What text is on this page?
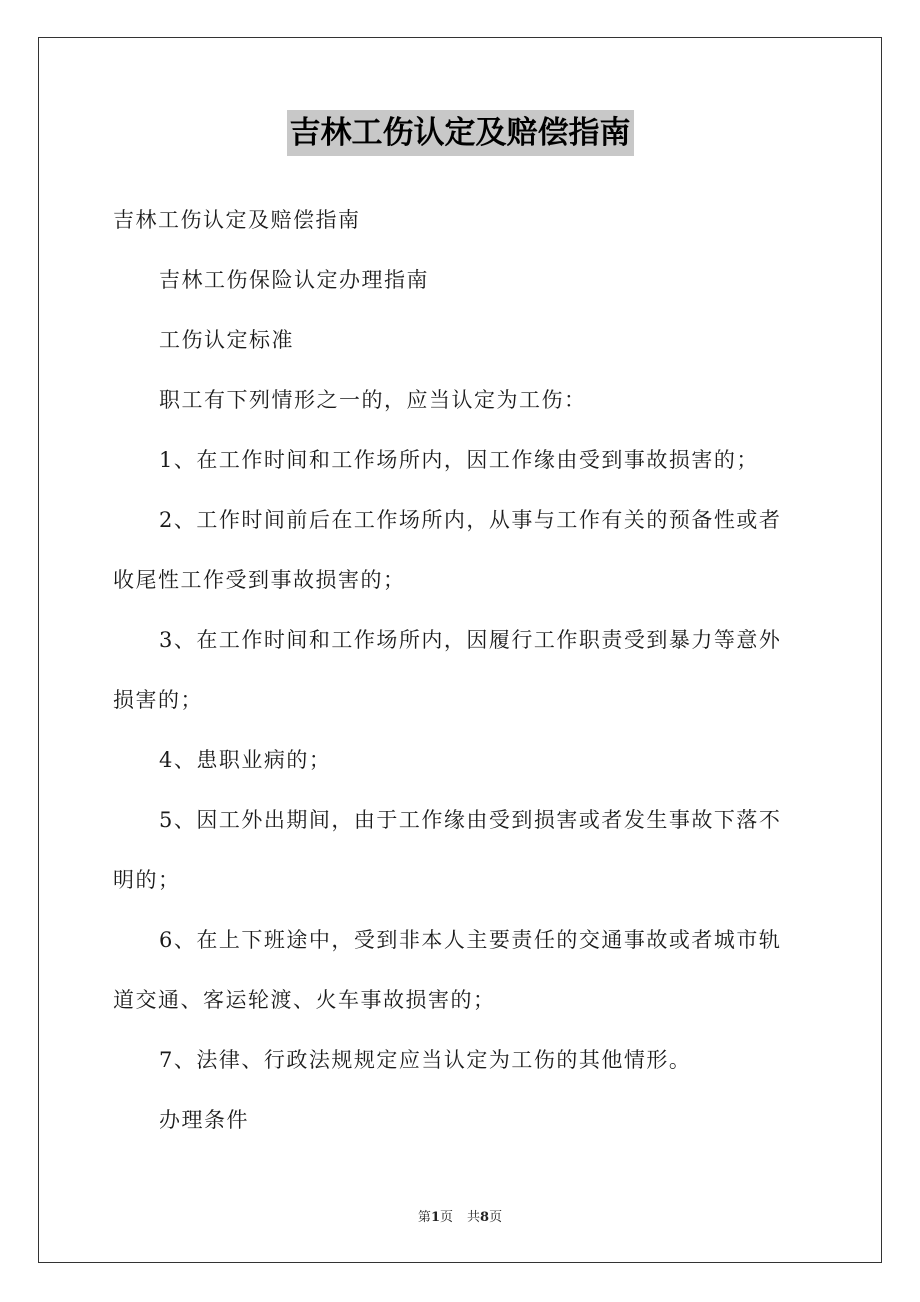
吉林工伤认定及赔偿指南
吉林工伤认定及赔偿指南
吉林工伤保险认定办理指南
工伤认定标准
职工有下列情形之一的，应当认定为工伤：
1、在工作时间和工作场所内，因工作缘由受到事故损害的；
2、工作时间前后在工作场所内，从事与工作有关的预备性或者
收尾性工作受到事故损害的；
3、在工作时间和工作场所内，因履行工作职责受到暴力等意外
损害的；
4、患职业病的；
5、因工外出期间，由于工作缘由受到损害或者发生事故下落不
明的；
6、在上下班途中，受到非本人主要责任的交通事故或者城市轨
道交通、客运轮渡、火车事故损害的；
7、法律、行政法规规定应当认定为工伤的其他情形。
办理条件
第1页 共8页
